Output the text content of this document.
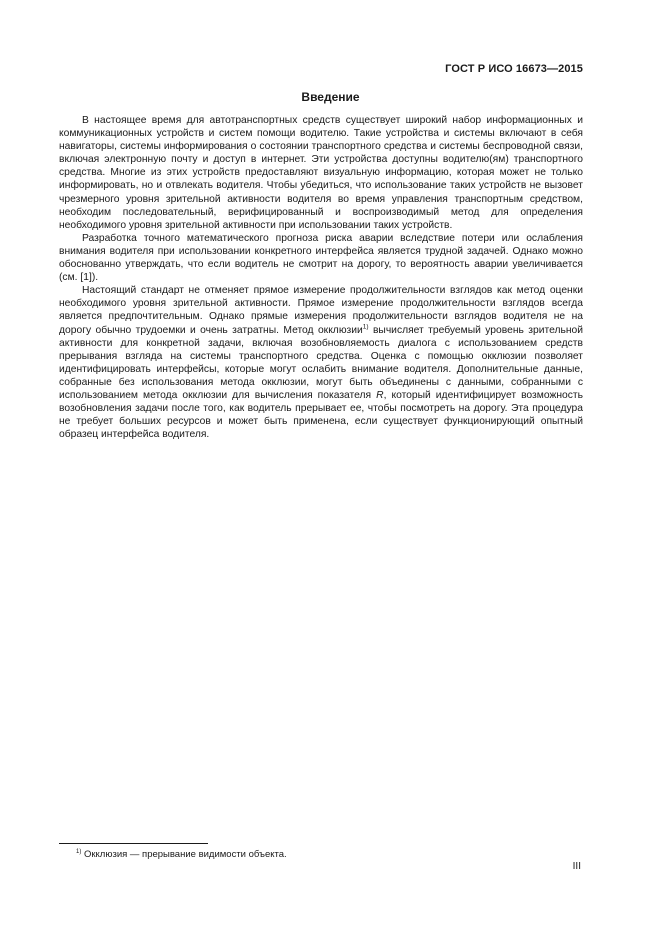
ГОСТ Р ИСО 16673—2015
Введение

В настоящее время для автотранспортных средств существует широкий набор информационных и коммуникационных устройств и систем помощи водителю. Такие устройства и системы включают в себя навигаторы, системы информирования о состоянии транспортного средства и системы беспроводной связи, включая электронную почту и доступ в интернет. Эти устройства доступны водителю(ям) транспортного средства. Многие из этих устройств предоставляют визуальную информацию, которая может не только информировать, но и отвлекать водителя. Чтобы убедиться, что использование таких устройств не вызовет чрезмерного уровня зрительной активности водителя во время управления транспортным средством, необходим последовательный, верифицированный и воспроизводимый метод для определения необходимого уровня зрительной активности при использовании таких устройств.

Разработка точного математического прогноза риска аварии вследствие потери или ослабления внимания водителя при использовании конкретного интерфейса является трудной задачей. Однако можно обоснованно утверждать, что если водитель не смотрит на дорогу, то вероятность аварии увеличивается (см. [1]).

Настоящий стандарт не отменяет прямое измерение продолжительности взглядов как метод оценки необходимого уровня зрительной активности. Прямое измерение продолжительности взглядов всегда является предпочтительным. Однако прямые измерения продолжительности взглядов водителя не на дорогу обычно трудоемки и очень затратны. Метод окклюзии$^{1)}$ вычисляет требуемый уровень зрительной активности для конкретной задачи, включая возобновляемость диалога с использованием средств прерывания взгляда на системы транспортного средства. Оценка с помощью окклюзии позволяет идентифицировать интерфейсы, которые могут ослабить внимание водителя. Дополнительные данные, собранные без использования метода окклюзии, могут быть объединены с данными, собранными с использованием метода окклюзии для вычисления показателя R, который идентифицирует возможность возобновления задачи после того, как водитель прерывает ее, чтобы посмотреть на дорогу. Эта процедура не требует больших ресурсов и может быть применена, если существует функционирующий опытный образец интерфейса водителя.

$^{1)}$ Окклюзия — прерывание видимости объекта.
III
